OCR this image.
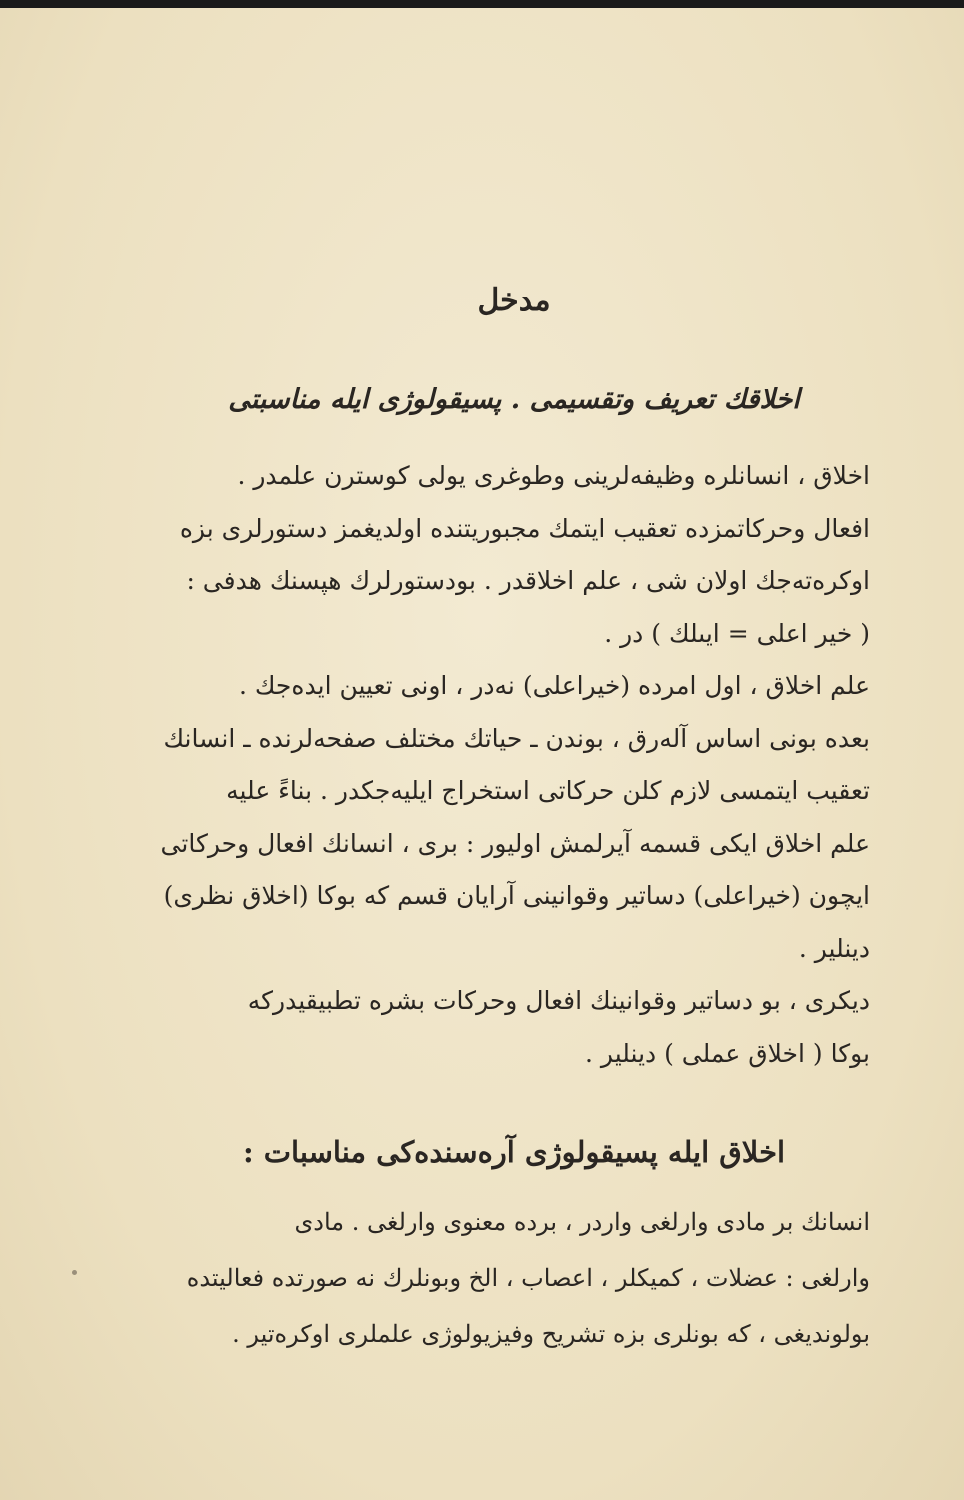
مدخل
اخلاقك تعريف وتقسيمى . پسيقولوژى ايله مناسبتى

اخلاق ، انسانلره وظيفه‌لرينى وطوغرى يولى كوسترن علمدر .
افعال وحركاتمزده تعقيب ايتمك مجبوريتنده اولديغمز دستورلرى بزه
اوكره‌ته‌جك اولان شى ، علم اخلاقدر . بودستورلرك هپسنك هدفى :
( خير اعلى = ايىلك ) در .

علم اخلاق ، اول امرده (خيراعلى) نه‌در ، اونى تعيين ايده‌جك .
بعده بونى اساس آله‌رق ، بوندن ـ حياتك مختلف صفحه‌لرنده ـ انسانك
تعقيب ايتمسى لازم كلن حركاتى استخراج ايليه‌جكدر . بناءً عليه
علم اخلاق ايكى قسمه آيرلمش اوليور : برى ، انسانك افعال وحركاتى
ايچون (خيراعلى) دساتير وقوانينى آرايان قسم كه بوكا (اخلاق نظرى)
دينلير .

ديكرى ، بو دساتير وقوانينك افعال وحركات بشره تطبيقيدركه
بوكا ( اخلاق عملى ) دينلير .

اخلاق ايله پسيقولوژى آره‌سنده‌كى مناسبات :

انسانك بر مادى وارلغى واردر ، برده معنوى وارلغى . مادى
وارلغى : عضلات ، كميكلر ، اعصاب ، الخ وبونلرك نه صورتده فعاليتده
بولونديغى ، كه بونلرى بزه تشريح وفيزيولوژى علملرى اوكره‌تير .
